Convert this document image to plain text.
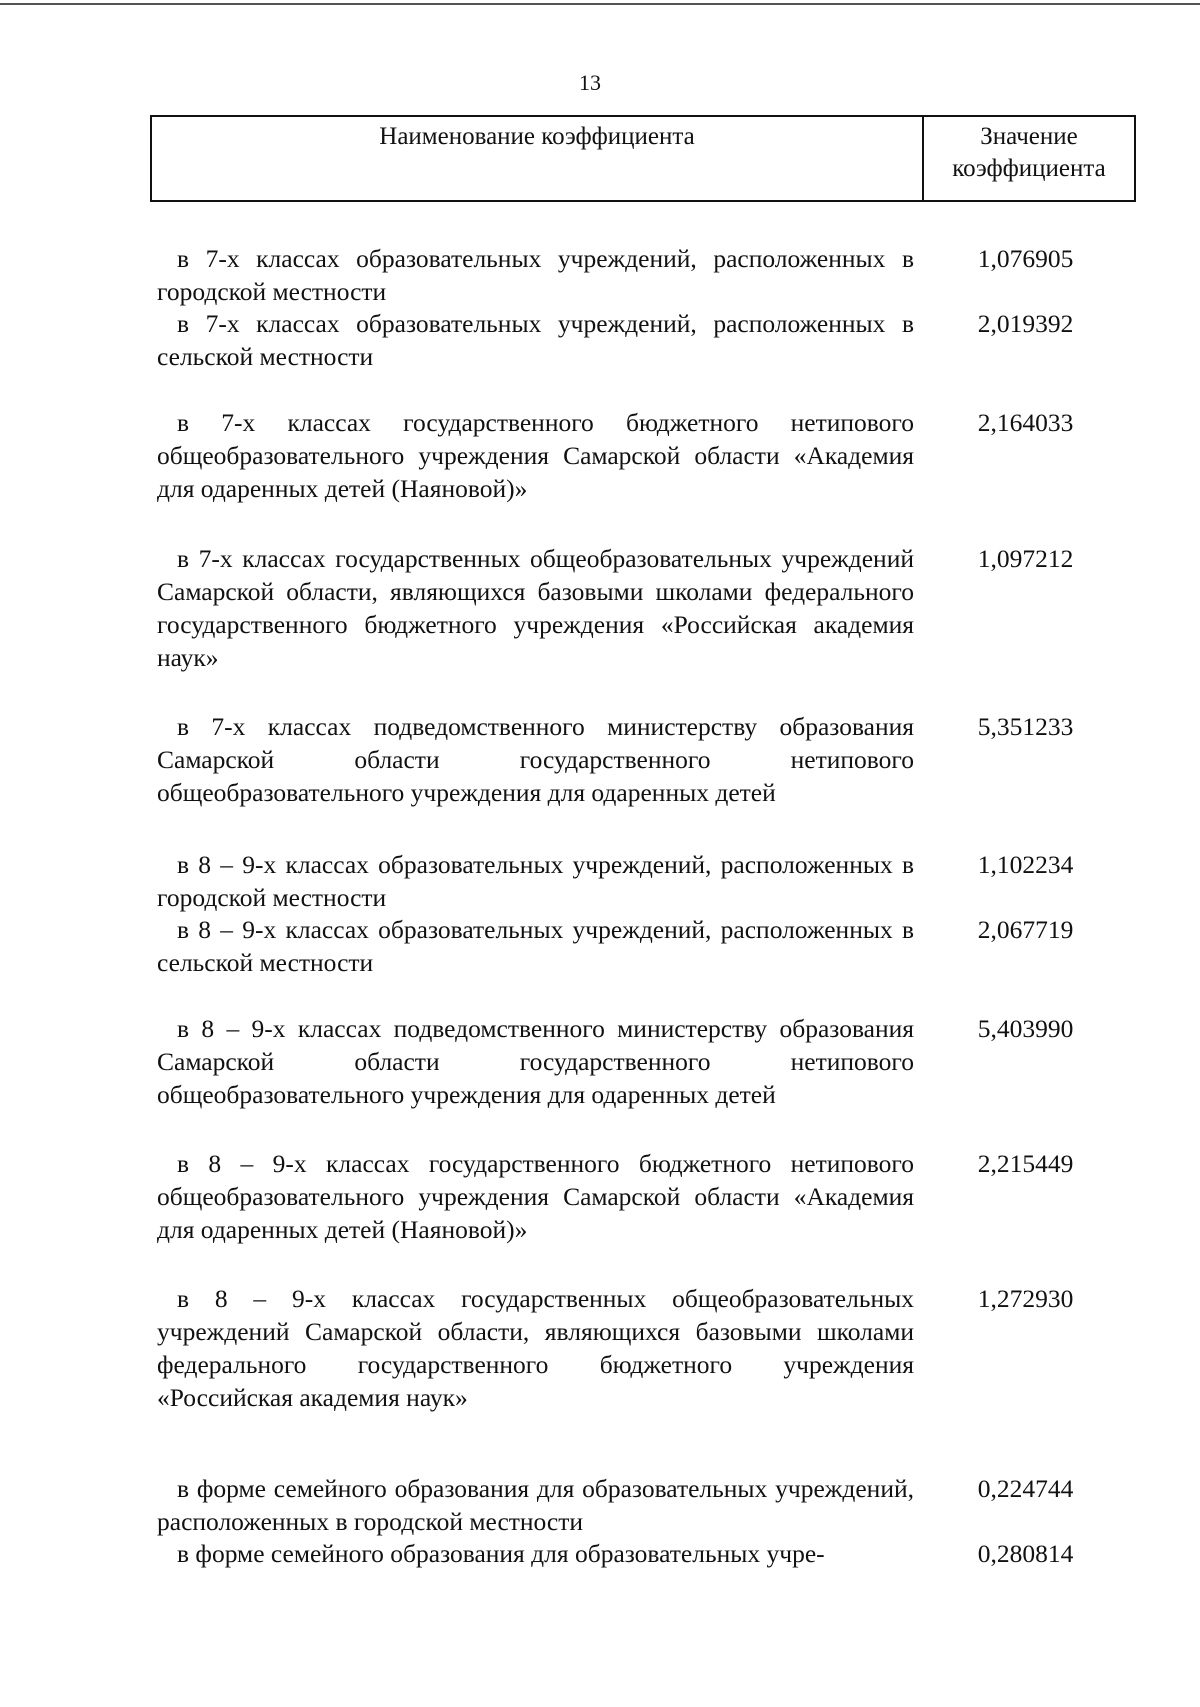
13
Наименование коэффициента	Значение
коэффициента
в 7-х классах образовательных учреждений, расположенных в городской местности
1,076905
в 7-х классах образовательных учреждений, расположенных в сельской местности
2,019392
в 7-х классах государственного бюджетного нетипового общеобразовательного учреждения Самарской области «Академия для одаренных детей (Наяновой)»
2,164033
в 7-х классах государственных общеобразовательных учреждений Самарской области, являющихся базовыми школами федерального государственного бюджетного учреждения «Российская академия наук»
1,097212
в 7-х классах подведомственного министерству образования Самарской области государственного нетипового общеобразовательного учреждения для одаренных детей
5,351233
в 8 – 9-х классах образовательных учреждений, расположенных в городской местности
1,102234
в 8 – 9-х классах образовательных учреждений, расположенных в сельской местности
2,067719
в 8 – 9-х классах подведомственного министерству образования Самарской области государственного нетипового общеобразовательного учреждения для одаренных детей
5,403990
в 8 – 9-х классах государственного бюджетного нетипового общеобразовательного учреждения Самарской области «Академия для одаренных детей (Наяновой)»
2,215449
в 8 – 9-х классах государственных общеобразовательных учреждений Самарской области, являющихся базовыми школами федерального государственного бюджетного учреждения «Российская академия наук»
1,272930
в форме семейного образования для образовательных учреждений, расположенных в городской местности
0,224744
в форме семейного образования для образовательных учре-	0,280814
